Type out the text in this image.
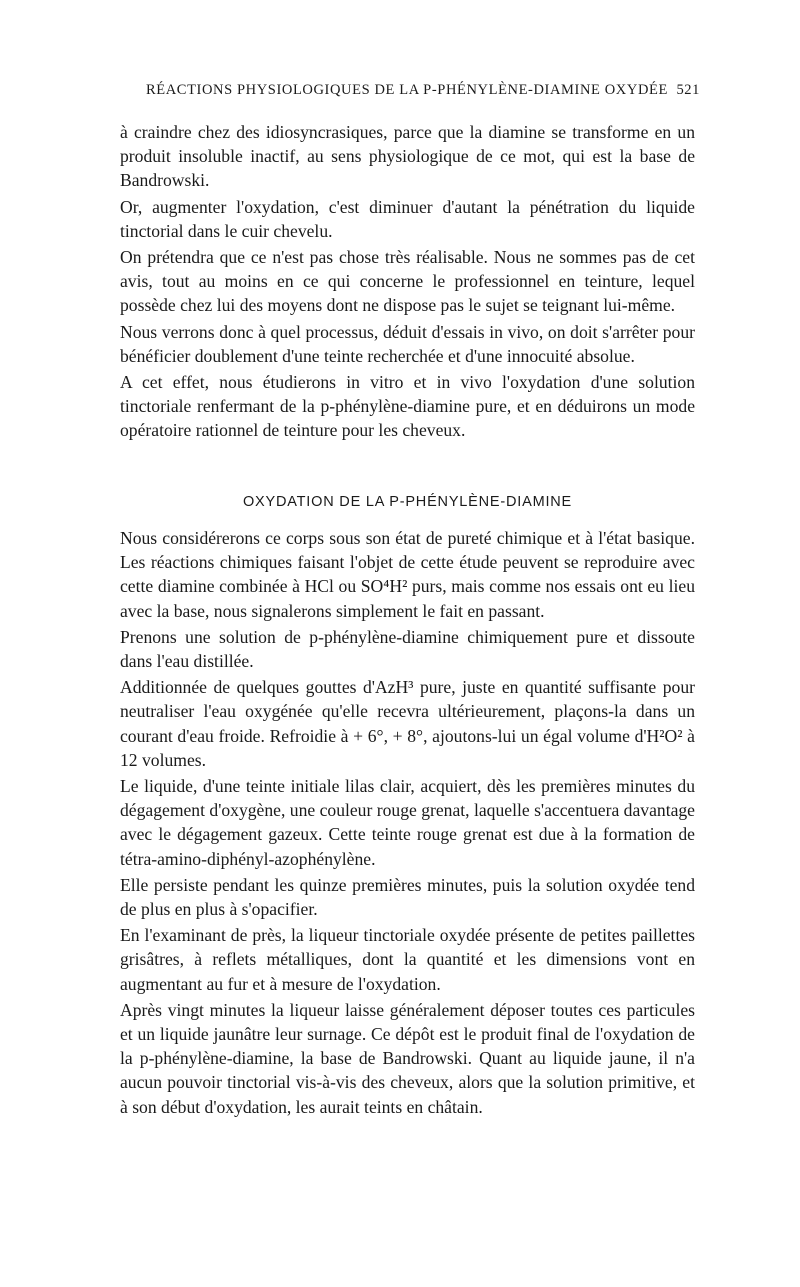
RÉACTIONS PHYSIOLOGIQUES DE LA P-PHÉNYLÈNE-DIAMINE OXYDÉE 521

à craindre chez des idiosyncrasiques, parce que la diamine se transforme en un produit insoluble inactif, au sens physiologique de ce mot, qui est la base de Bandrowski.

Or, augmenter l'oxydation, c'est diminuer d'autant la pénétration du liquide tinctorial dans le cuir chevelu.

On prétendra que ce n'est pas chose très réalisable. Nous ne sommes pas de cet avis, tout au moins en ce qui concerne le professionnel en teinture, lequel possède chez lui des moyens dont ne dispose pas le sujet se teignant lui-même.

Nous verrons donc à quel processus, déduit d'essais in vivo, on doit s'arrêter pour bénéficier doublement d'une teinte recherchée et d'une innocuité absolue.

A cet effet, nous étudierons in vitro et in vivo l'oxydation d'une solution tinctoriale renfermant de la p-phénylène-diamine pure, et en déduirons un mode opératoire rationnel de teinture pour les cheveux.

OXYDATION DE LA P-PHÉNYLÈNE-DIAMINE

Nous considérerons ce corps sous son état de pureté chimique et à l'état basique. Les réactions chimiques faisant l'objet de cette étude peuvent se reproduire avec cette diamine combinée à HCl ou SO⁴H² purs, mais comme nos essais ont eu lieu avec la base, nous signalerons simplement le fait en passant.

Prenons une solution de p-phénylène-diamine chimiquement pure et dissoute dans l'eau distillée.

Additionnée de quelques gouttes d'AzH³ pure, juste en quantité suffisante pour neutraliser l'eau oxygénée qu'elle recevra ultérieurement, plaçons-la dans un courant d'eau froide. Refroidie à + 6°, + 8°, ajoutons-lui un égal volume d'H²O² à 12 volumes.

Le liquide, d'une teinte initiale lilas clair, acquiert, dès les premières minutes du dégagement d'oxygène, une couleur rouge grenat, laquelle s'accentuera davantage avec le dégagement gazeux. Cette teinte rouge grenat est due à la formation de tétra-amino-diphényl-azophénylène.

Elle persiste pendant les quinze premières minutes, puis la solution oxydée tend de plus en plus à s'opacifier.

En l'examinant de près, la liqueur tinctoriale oxydée présente de petites paillettes grisâtres, à reflets métalliques, dont la quantité et les dimensions vont en augmentant au fur et à mesure de l'oxydation.

Après vingt minutes la liqueur laisse généralement déposer toutes ces particules et un liquide jaunâtre leur surnage. Ce dépôt est le produit final de l'oxydation de la p-phénylène-diamine, la base de Bandrowski. Quant au liquide jaune, il n'a aucun pouvoir tinctorial vis-à-vis des cheveux, alors que la solution primitive, et à son début d'oxydation, les aurait teints en châtain.
